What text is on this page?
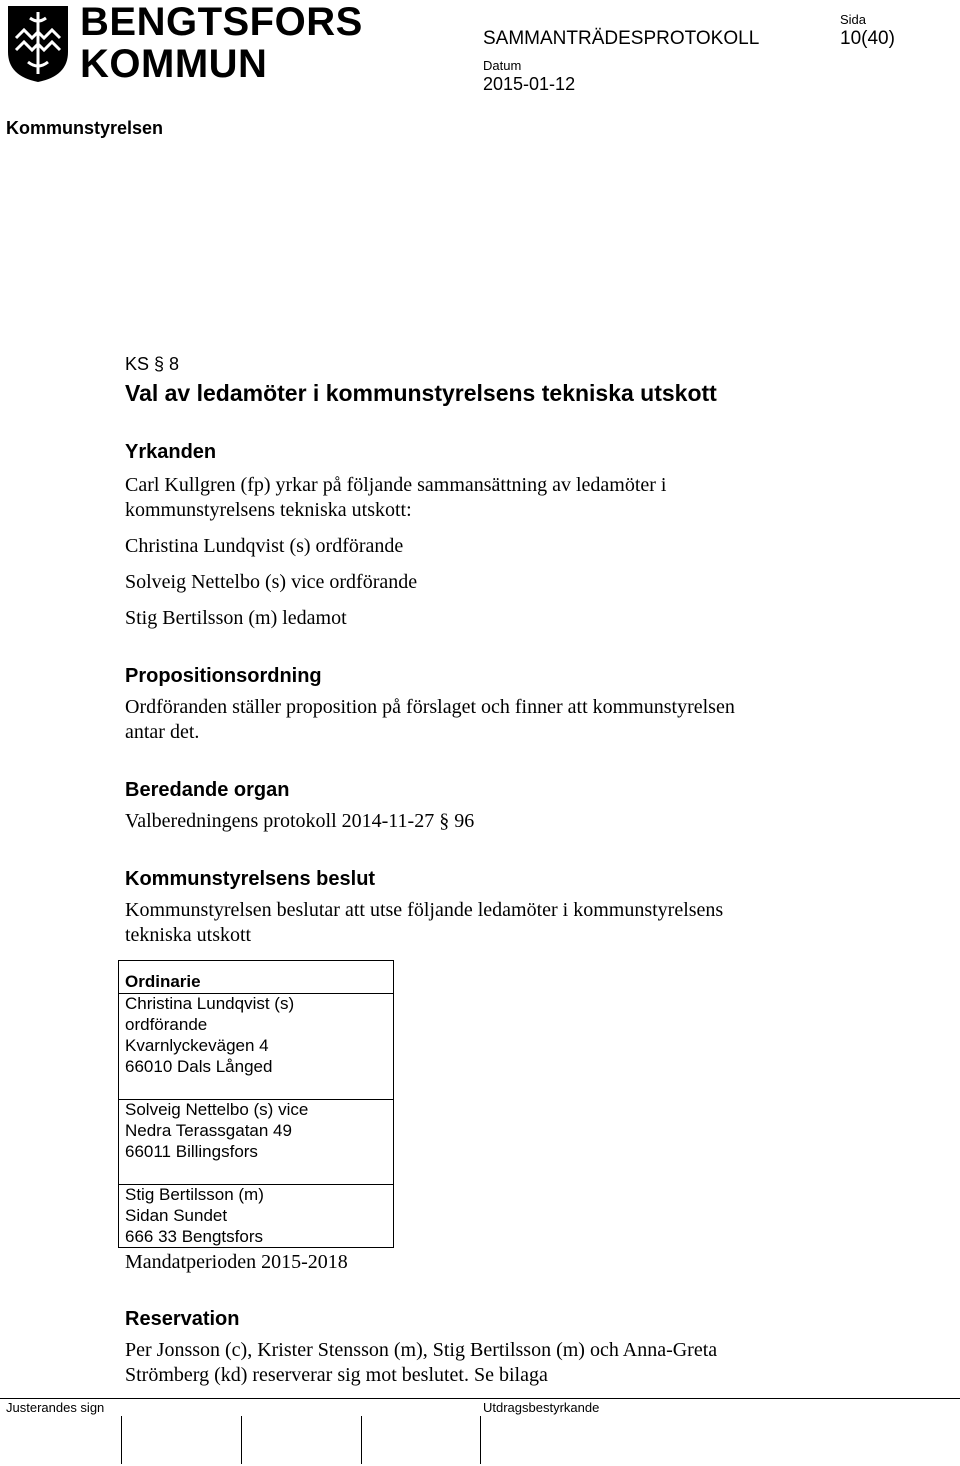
BENGTSFORS
KOMMUN
SAMMANTRÄDESPROTOKOLL
Datum
2015-01-12
Sida
10(40)
Kommunstyrelsen
KS § 8
Val av ledamöter i kommunstyrelsens tekniska utskott
Yrkanden
Carl Kullgren (fp) yrkar på följande sammansättning av ledamöter i
kommunstyrelsens tekniska utskott:
Christina Lundqvist (s) ordförande
Solveig Nettelbo (s) vice ordförande
Stig Bertilsson (m) ledamot
Propositionsordning
Ordföranden ställer proposition på förslaget och finner att kommunstyrelsen
antar det.
Beredande organ
Valberedningens protokoll 2014-11-27 § 96
Kommunstyrelsens beslut
Kommunstyrelsen beslutar att utse följande ledamöter i kommunstyrelsens
tekniska utskott
Ordinarie
Christina Lundqvist (s)
ordförande
Kvarnlyckevägen 4
66010 Dals Långed
Solveig Nettelbo (s) vice
Nedra Terassgatan 49
66011 Billingsfors
Stig Bertilsson (m)
Sidan Sundet
666 33 Bengtsfors
Mandatperioden 2015-2018
Reservation
Per Jonsson (c), Krister Stensson (m), Stig Bertilsson (m) och Anna-Greta
Strömberg (kd) reserverar sig mot beslutet. Se bilaga
Justerandes sign	Utdragsbestyrkande
